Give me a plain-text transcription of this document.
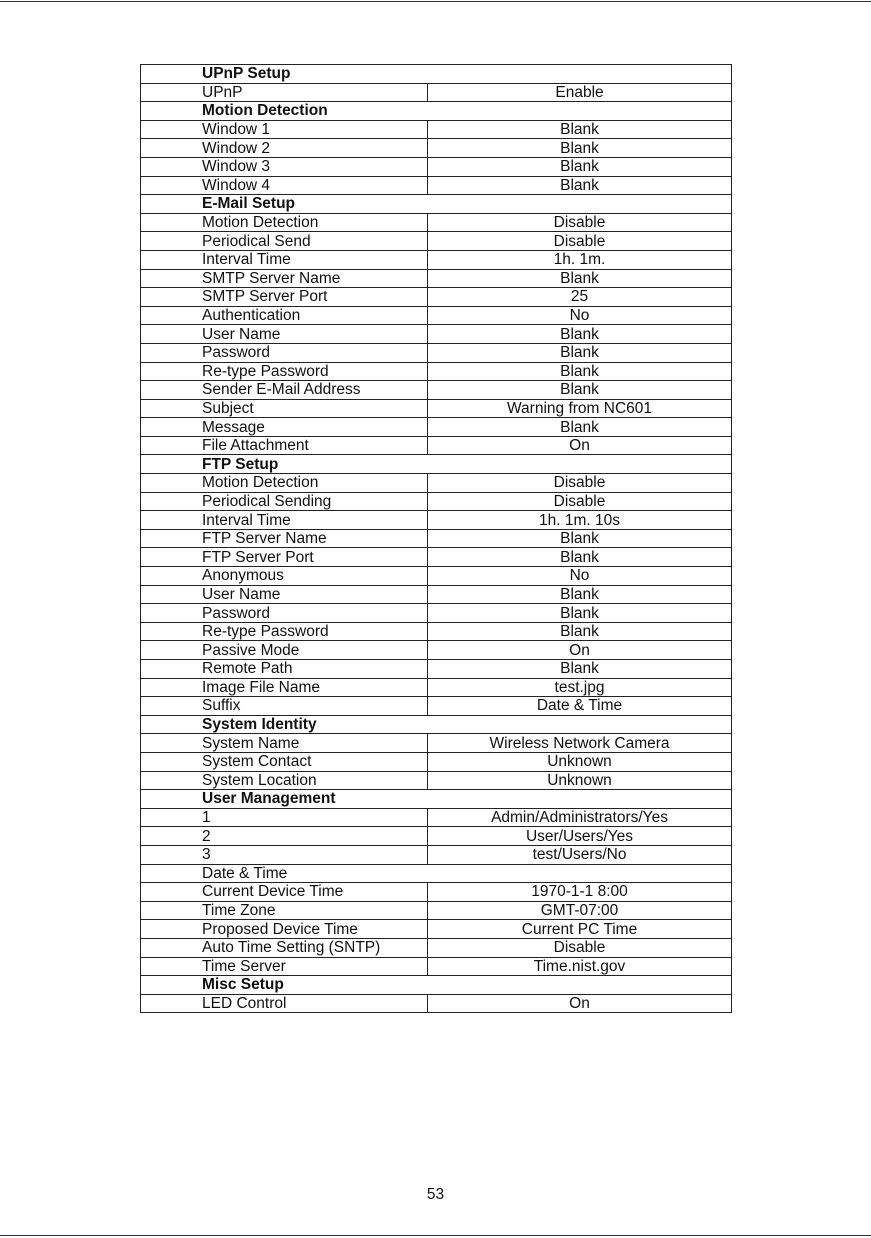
UPnP Setup	
UPnP	Enable
Motion Detection	
Window 1	Blank
Window 2	Blank
Window 3	Blank
Window 4	Blank
E-Mail Setup	
Motion Detection	Disable
Periodical Send	Disable
Interval Time	1h. 1m.
SMTP Server Name	Blank
SMTP Server Port	25
Authentication	No
User Name	Blank
Password	Blank
Re-type Password	Blank
Sender E-Mail Address	Blank
Subject	Warning from NC601
Message	Blank
File Attachment	On
FTP Setup	
Motion Detection	Disable
Periodical Sending	Disable
Interval Time	1h. 1m. 10s
FTP Server Name	Blank
FTP Server Port	Blank
Anonymous	No
User Name	Blank
Password	Blank
Re-type Password	Blank
Passive Mode	On
Remote Path	Blank
Image File Name	test.jpg
Suffix	Date & Time
System Identity	
System Name	Wireless Network Camera
System Contact	Unknown
System Location	Unknown
User Management	
1	Admin/Administrators/Yes
2	User/Users/Yes
3	test/Users/No
Date & Time	
Current Device Time	1970-1-1 8:00
Time Zone	GMT-07:00
Proposed Device Time	Current PC Time
Auto Time Setting (SNTP)	Disable
Time Server	Time.nist.gov
Misc Setup	
LED Control	On
53
